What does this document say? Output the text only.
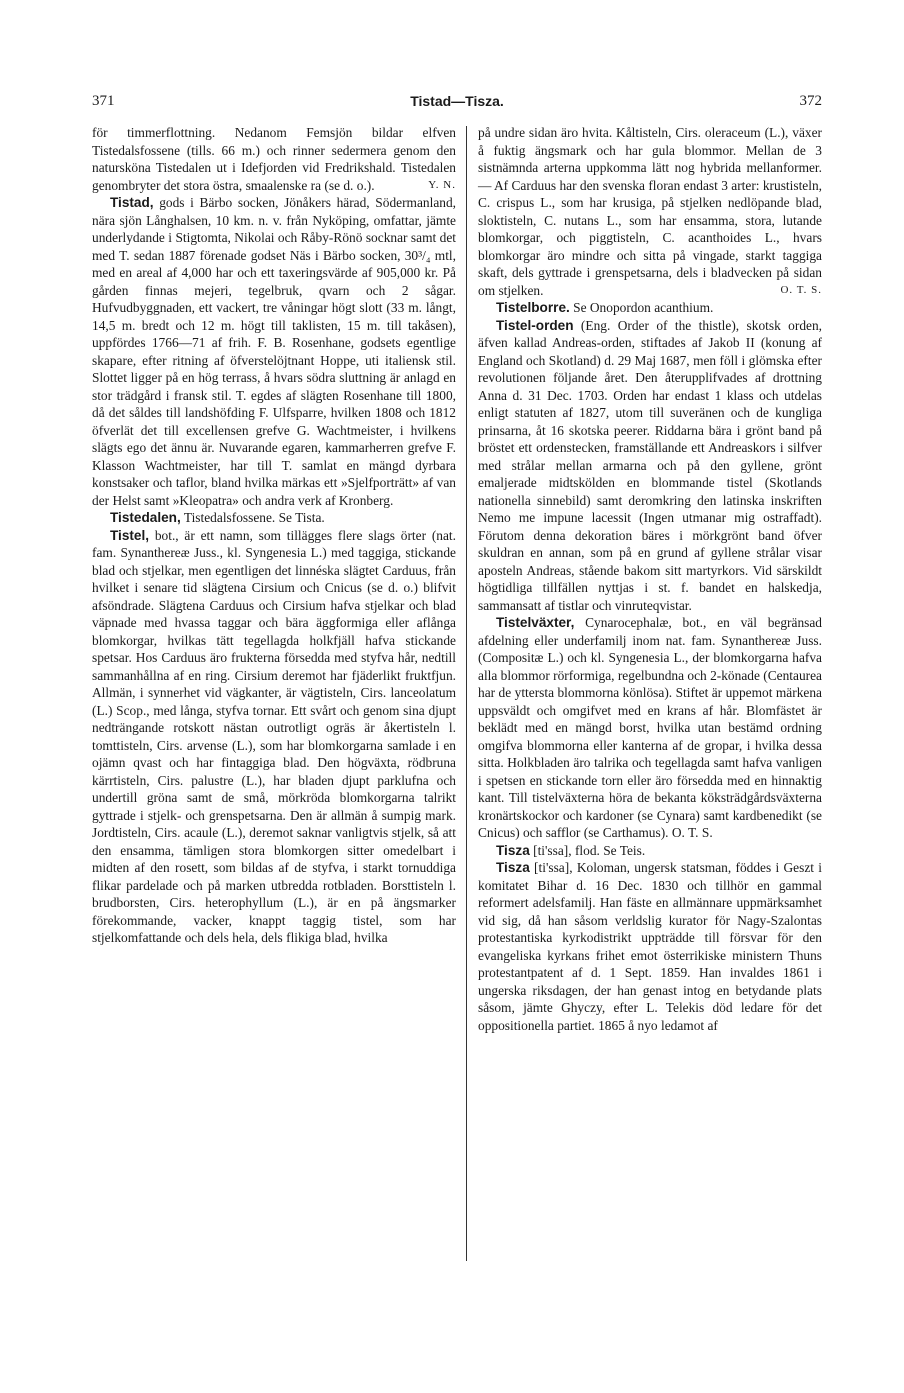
371	Tistad—Tisza.	372

för timmerflottning. Nedanom Femsjön bildar elfven Tistedalsfossene (tills. 66 m.) och rinner sedermera genom den natursköna Tistedalen ut i Idefjorden vid Fredrikshald. Tistedalen genombryter det stora östra, smaalenske ra (se d. o.).	Y. N.

Tistad, gods i Bärbo socken, Jönåkers härad, Södermanland, nära sjön Långhalsen, 10 km. n. v. från Nyköping, omfattar, jämte underlydande i Stigtomta, Nikolai och Råby-Rönö socknar samt det med T. sedan 1887 förenade godset Näs i Bärbo socken, 30³/₄ mtl, med en areal af 4,000 har och ett taxeringsvärde af 905,000 kr. På gården finnas mejeri, tegelbruk, qvarn och 2 sågar. Hufvudbyggnaden, ett vackert, tre våningar högt slott (33 m. långt, 14,5 m. bredt och 12 m. högt till taklisten, 15 m. till takåsen), uppfördes 1766—71 af frih. F. B. Rosenhane, godsets egentlige skapare, efter ritning af öfverstelöjtnant Hoppe, uti italiensk stil. Slottet ligger på en hög terrass, å hvars södra sluttning är anlagd en stor trädgård i fransk stil. T. egdes af slägten Rosenhane till 1800, då det såldes till landshöfding F. Ulfsparre, hvilken 1808 och 1812 öfverlät det till excellensen grefve G. Wachtmeister, i hvilkens slägts ego det ännu är. Nuvarande egaren, kammarherren grefve F. Klasson Wachtmeister, har till T. samlat en mängd dyrbara konstsaker och taflor, bland hvilka märkas ett »Sjelfporträtt» af van der Helst samt »Kleopatra» och andra verk af Kronberg.

Tistedalen, Tistedalsfossene. Se Tista.

Tistel, bot., är ett namn, som tillägges flere slags örter (nat. fam. Synanthereæ Juss., kl. Syngenesia L.) med taggiga, stickande blad och stjelkar, men egentligen det linnéska slägtet Carduus, från hvilket i senare tid slägtena Cirsium och Cnicus (se d. o.) blifvit afsöndrade. Slägtena Carduus och Cirsium hafva stjelkar och blad väpnade med hvassa taggar och bära äggformiga eller aflånga blomkorgar, hvilkas tätt tegellagda holkfjäll hafva stickande spetsar. Hos Carduus äro frukterna försedda med styfva hår, nedtill sammanhållna af en ring. Cirsium deremot har fjäderlikt fruktfjun. Allmän, i synnerhet vid vägkanter, är vägtisteln, Cirs. lanceolatum (L.) Scop., med långa, styfva tornar. Ett svårt och genom sina djupt nedträngande rotskott nästan outrotligt ogräs är åkertisteln l. tomttisteln, Cirs. arvense (L.), som har blomkorgarna samlade i en ojämn qvast och har fintaggiga blad. Den högväxta, rödbruna kärrtisteln, Cirs. palustre (L.), har bladen djupt parklufna och undertill gröna samt de små, mörkröda blomkorgarna talrikt gyttrade i stjelk- och grenspetsarna. Den är allmän å sumpig mark. Jordtisteln, Cirs. acaule (L.), deremot saknar vanligtvis stjelk, så att den ensamma, tämligen stora blomkorgen sitter omedelbart i midten af den rosett, som bildas af de styfva, i starkt tornuddiga flikar pardelade och på marken utbredda rotbladen. Borsttisteln l. brudborsten, Cirs. heterophyllum (L.), är en på ängsmarker förekommande, vacker, knappt taggig tistel, som har stjelkomfattande och dels hela, dels flikiga blad, hvilka

på undre sidan äro hvita. Kåltisteln, Cirs. oleraceum (L.), växer å fuktig ängsmark och har gula blommor. Mellan de 3 sistnämnda arterna uppkomma lätt nog hybrida mellanformer. — Af Carduus har den svenska floran endast 3 arter: krustisteln, C. crispus L., som har krusiga, på stjelken nedlöpande blad, sloktisteln, C. nutans L., som har ensamma, stora, lutande blomkorgar, och piggtisteln, C. acanthoides L., hvars blomkorgar äro mindre och sitta på vingade, starkt taggiga skaft, dels gyttrade i grenspetsarna, dels i bladvecken på sidan om stjelken.	O. T. S.

Tistelborre. Se Onopordon acanthium.

Tistel-orden (Eng. Order of the thistle), skotsk orden, äfven kallad Andreas-orden, stiftades af Jakob II (konung af England och Skotland) d. 29 Maj 1687, men föll i glömska efter revolutionen följande året. Den återupplifvades af drottning Anna d. 31 Dec. 1703. Orden har endast 1 klass och utdelas enligt statuten af 1827, utom till suveränen och de kungliga prinsarna, åt 16 skotska peerer. Riddarna bära i grönt band på bröstet ett ordenstecken, framställande ett Andreaskors i silfver med strålar mellan armarna och på den gyllene, grönt emaljerade midtskölden en blommande tistel (Skotlands nationella sinnebild) samt deromkring den latinska inskriften Nemo me impune lacessit (Ingen utmanar mig ostraffadt). Förutom denna dekoration bäres i mörkgrönt band öfver skuldran en annan, som på en grund af gyllene strålar visar aposteln Andreas, stående bakom sitt martyrkors. Vid särskildt högtidliga tillfällen nyttjas i st. f. bandet en halskedja, sammansatt af tistlar och vinruteqvistar.

Tistelväxter, Cynarocephalæ, bot., en väl begränsad afdelning eller underfamilj inom nat. fam. Synanthereæ Juss. (Compositæ L.) och kl. Syngenesia L., der blomkorgarna hafva alla blommor rörformiga, regelbundna och 2-könade (Centaurea har de yttersta blommorna könlösa). Stiftet är uppemot märkena uppsväldt och omgifvet med en krans af hår. Blomfästet är beklädt med en mängd borst, hvilka utan bestämd ordning omgifva blommorna eller kanterna af de gropar, i hvilka dessa sitta. Holkbladen äro talrika och tegellagda samt hafva vanligen i spetsen en stickande torn eller äro försedda med en hinnaktig kant. Till tistelväxterna höra de bekanta köksträdgårdsväxterna kronärtskockor och kardoner (se Cynara) samt kardbenedikt (se Cnicus) och safflor (se Carthamus). O. T. S.

Tisza [ti'ssa], flod. Se Teis.

Tisza [ti'ssa], Koloman, ungersk statsman, föddes i Geszt i komitatet Bihar d. 16 Dec. 1830 och tillhör en gammal reformert adelsfamilj. Han fäste en allmännare uppmärksamhet vid sig, då han såsom verldslig kurator för Nagy-Szalontas protestantiska kyrkodistrikt uppträdde till försvar för den evangeliska kyrkans frihet emot österrikiske ministern Thuns protestantpatent af d. 1 Sept. 1859. Han invaldes 1861 i ungerska riksdagen, der han genast intog en betydande plats såsom, jämte Ghyczy, efter L. Telekis död ledare för det oppositionella partiet. 1865 å nyo ledamot af
